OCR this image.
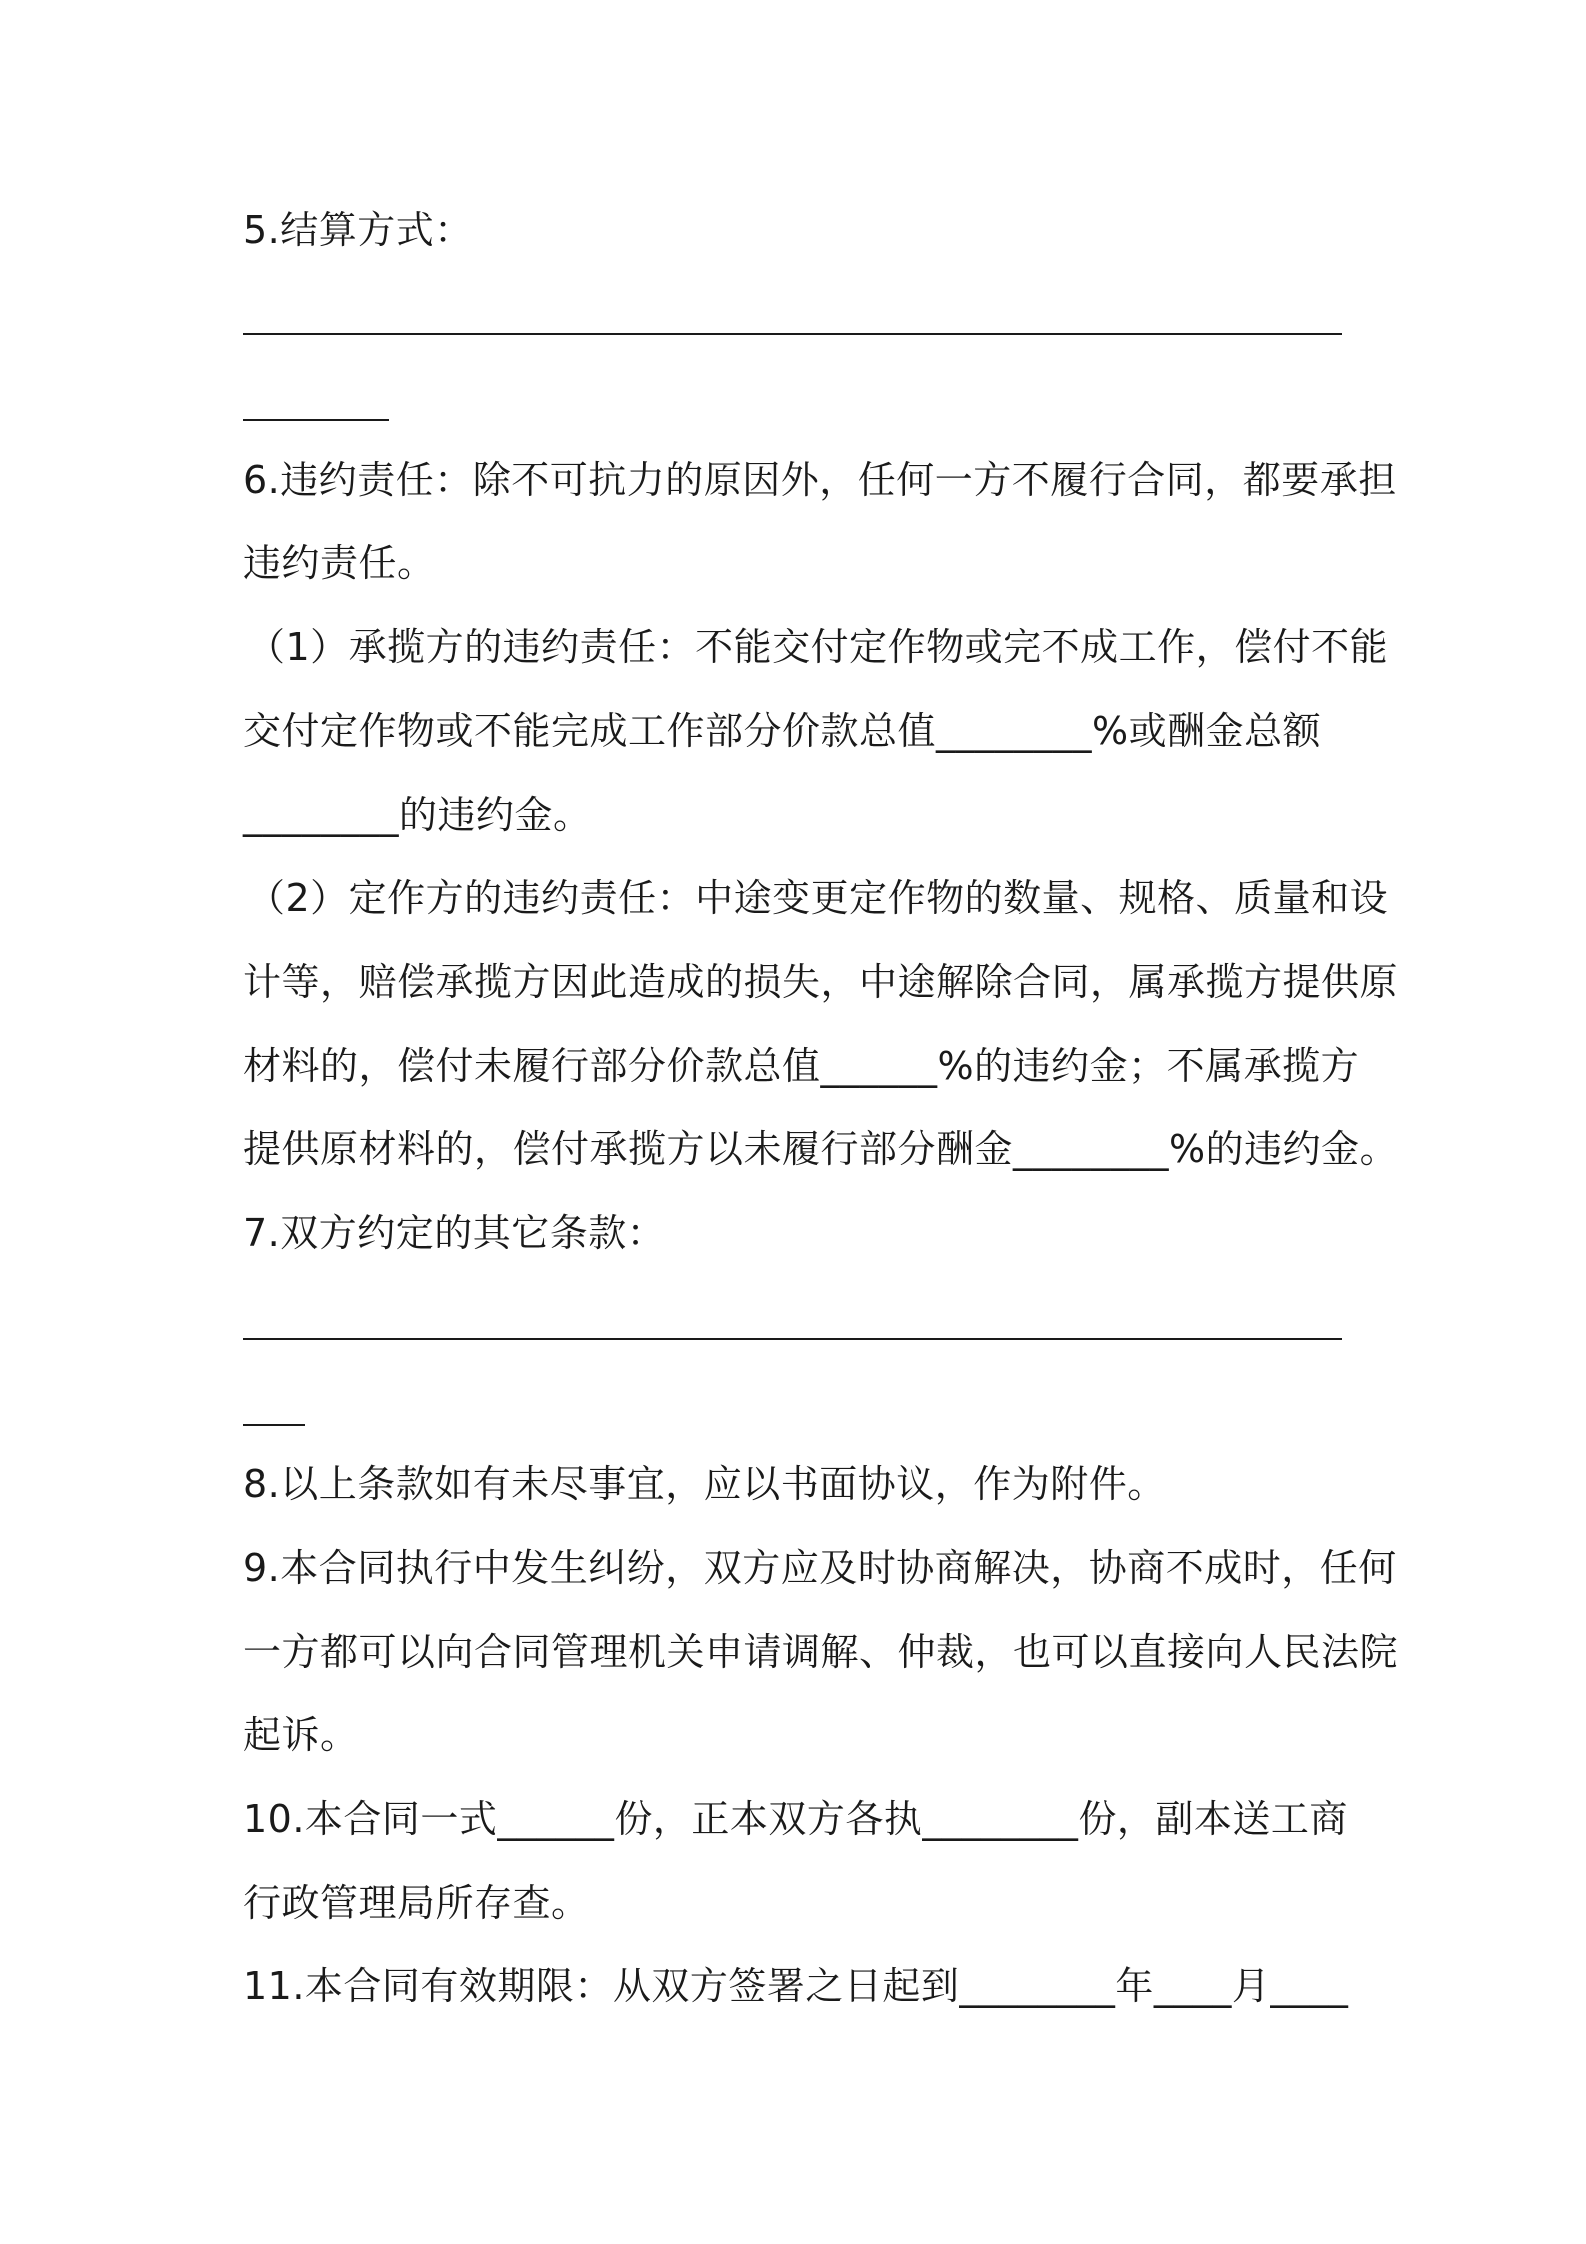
5.结算方式：
6.违约责任：除不可抗力的原因外，任何一方不履行合同，都要承担
违约责任。
（1）承揽方的违约责任：不能交付定作物或完不成工作，偿付不能
交付定作物或不能完成工作部分价款总值________%或酬金总额
________的违约金。
（2）定作方的违约责任：中途变更定作物的数量、规格、质量和设
计等，赔偿承揽方因此造成的损失，中途解除合同，属承揽方提供原
材料的，偿付未履行部分价款总值______%的违约金；不属承揽方
提供原材料的，偿付承揽方以未履行部分酬金________%的违约金。
7.双方约定的其它条款：
8.以上条款如有未尽事宜，应以书面协议，作为附件。
9.本合同执行中发生纠纷，双方应及时协商解决，协商不成时，任何
一方都可以向合同管理机关申请调解、仲裁，也可以直接向人民法院
起诉。
10.本合同一式______份，正本双方各执________份，副本送工商
行政管理局所存查。
11.本合同有效期限：从双方签署之日起到________年____月____
